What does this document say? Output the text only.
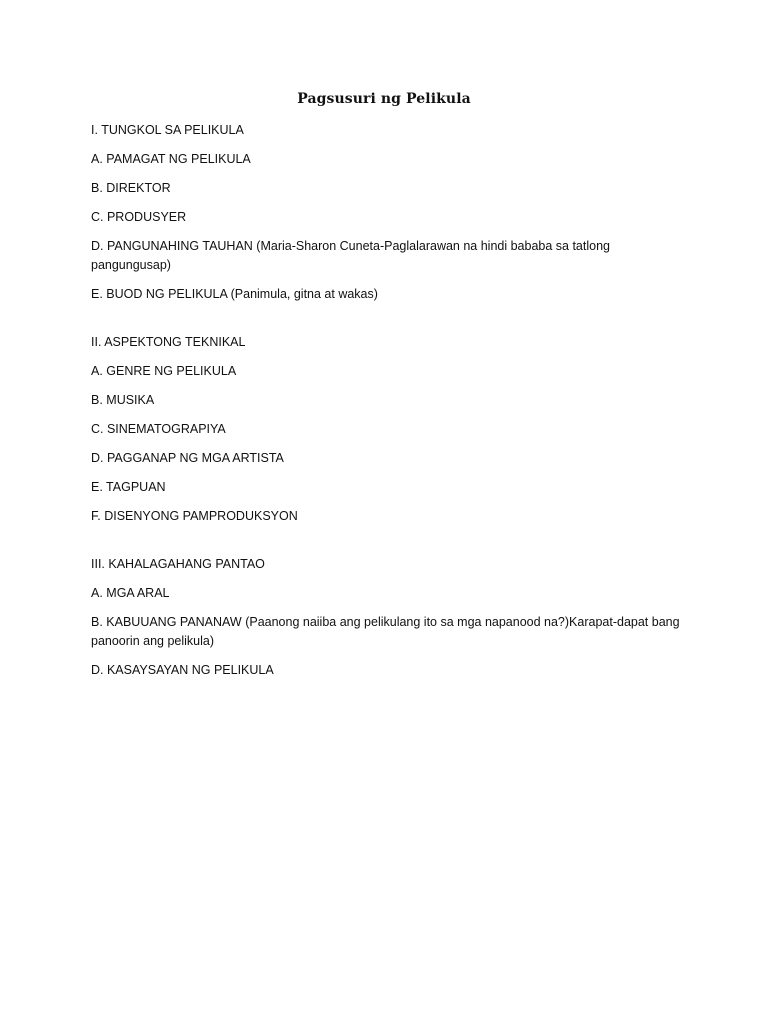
Pagsusuri ng Pelikula
I. TUNGKOL SA PELIKULA
A. PAMAGAT NG PELIKULA
B. DIREKTOR
C. PRODUSYER
D. PANGUNAHING TAUHAN (Maria-Sharon Cuneta-Paglalarawan na hindi bababa sa tatlong pangungusap)
E. BUOD NG PELIKULA (Panimula, gitna at wakas)
II. ASPEKTONG TEKNIKAL
A. GENRE NG PELIKULA
B. MUSIKA
C. SINEMATOGRAPIYA
D. PAGGANAP NG MGA ARTISTA
E. TAGPUAN
F. DISENYONG PAMPRODUKSYON
III. KAHALAGAHANG PANTAO
A. MGA ARAL
B. KABUUANG PANANAW (Paanong naiiba ang pelikulang ito sa mga napanood na?)Karapat-dapat bang panoorin ang pelikula)
D. KASAYSAYAN NG PELIKULA
